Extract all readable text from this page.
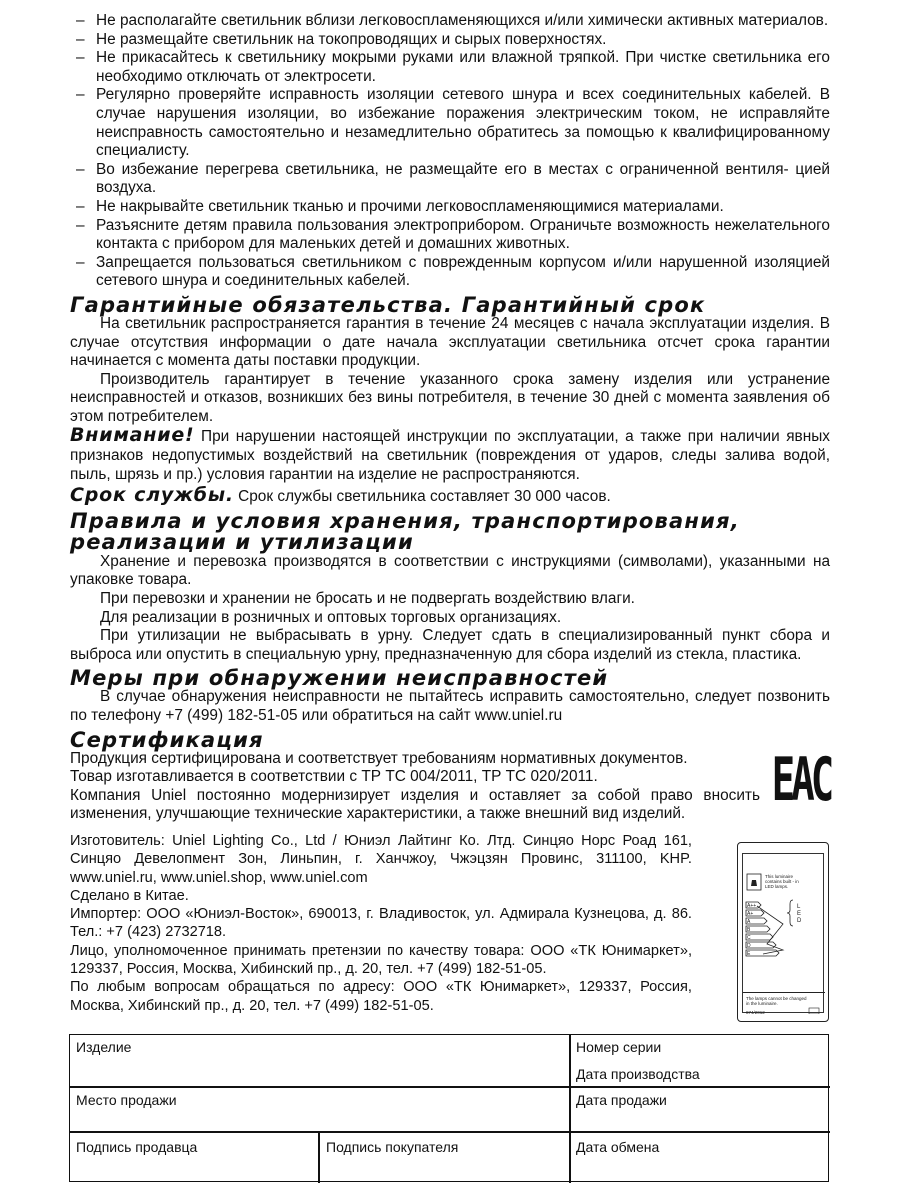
– Не располагайте светильник вблизи легковоспламеняющихся и/или химически активных материалов.
– Не размещайте светильник на токопроводящих и сырых поверхностях.
– Не прикасайтесь к светильнику мокрыми руками или влажной тряпкой. При чистке светильника его необходимо отключать от электросети.
– Регулярно проверяйте исправность изоляции сетевого шнура и всех соединительных кабелей. В случае нарушения изоляции, во избежание поражения электрическим током, не исправляйте неисправность самостоятельно и незамедлительно обратитесь за помощью к квалифицированному специалисту.
– Во избежание перегрева светильника, не размещайте его в местах с ограниченной вентиля- цией воздуха.
– Не накрывайте светильник тканью и прочими легковоспламеняющимися материалами.
– Разъясните детям правила пользования электроприбором. Ограничьте возможность нежелательного контакта с прибором для маленьких детей и домашних животных.
– Запрещается пользоваться светильником с поврежденным корпусом и/или нарушенной изоляцией сетевого шнура и соединительных кабелей.
Гарантийные обязательства. Гарантийный срок

На светильник распространяется гарантия в течение 24 месяцев с начала эксплуатации изделия. В случае отсутствия информации о дате начала эксплуатации светильника отсчет срока гарантии начинается с момента даты поставки продукции.

Производитель гарантирует в течение указанного срока замену изделия или устранение неисправностей и отказов, возникших без вины потребителя, в течение 30 дней с момента заявления об этом потребителем.

Внимание! При нарушении настоящей инструкции по эксплуатации, а также при наличии явных признаков недопустимых воздействий на светильник (повреждения от ударов, следы залива водой, пыль, шрязь и пр.) условия гарантии на изделие не распространяются.

Срок службы. Срок службы светильника составляет 30 000 часов.

Правила и условия хранения, транспортирования, реализации и утилизации

Хранение и перевозка производятся в соответствии с инструкциями (символами), указанными на упаковке товара.

При перевозки и хранении не бросать и не подвергать воздействию влаги.

Для реализации в розничных и оптовых торговых организациях.

При утилизации не выбрасывать в урну. Следует сдать в специализированный пункт сбора и выброса или опустить в специальную урну, предназначенную для сбора изделий из стекла, пластика.

Меры при обнаружении неисправностей

В случае обнаружения неисправности не пытайтесь исправить самостоятельно, следует позвонить по телефону +7 (499) 182-51-05 или обратиться на сайт www.uniel.ru

Сертификация

Продукция сертифицирована и соответствует требованиям нормативных документов.

Товар изготавливается в соответствии с ТР ТС 004/2011, ТР ТС 020/2011.

Компания Uniel постоянно модернизирует изделия и оставляет за собой право вносить изменения, улучшающие технические характеристики, а также внешний вид изделий.	EAC

Изготовитель: Uniel Lighting Co., Ltd / Юниэл Лайтинг Ко. Лтд. Синцяо Норс Роад 161, Синцяо Девелопмент Зон, Линьпин, г. Ханчжоу, Чжэцзян Провинс, 311100, KHP. www.uniel.ru, www.uniel.shop, www.uniel.com

Сделано в Китае.

Импортер: ООО «Юниэл-Восток», 690013, г. Владивосток, ул. Адмирала Кузнецова, д. 86. Тел.: +7 (423) 2732718.

Лицо, уполномоченное принимать претензии по качеству товара: ООО «ТК Юнимаркет», 129337, Россия, Москва, Хибинский пр., д. 20, тел. +7 (499) 182-51-05.

По любым вопросам обращаться по адресу: ООО «ТК Юнимаркет», 129337, Россия, Москва, Хибинский пр., д. 20, тел. +7 (499) 182-51-05.

This luminaire
contains built - in
LED lamps.
A++
A+
A
B
C
D
E
L
E
D
The lamps cannot be changed
in the luminaire.
874/2012
Изделие	Номер серии
Дата производства
Место продажи	Дата продажи
Подпись продавца	Подпись покупателя	Дата обмена
